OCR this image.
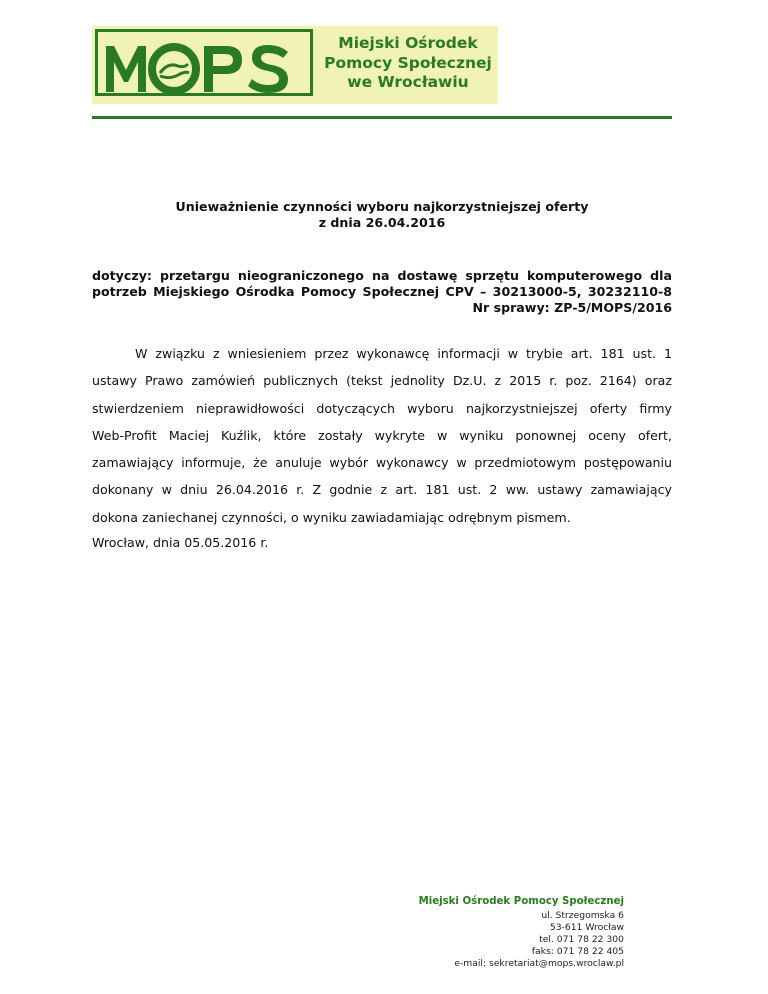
Miejski Ośrodek
Pomocy Społecznej
we Wrocławiu
Unieważnienie czynności wyboru najkorzystniejszej oferty
z dnia 26.04.2016
dotyczy: przetargu nieograniczonego na dostawę sprzętu komputerowego dla
potrzeb Miejskiego Ośrodka Pomocy Społecznej CPV – 30213000-5, 30232110-8
Nr sprawy: ZP-5/MOPS/2016
W związku z wniesieniem przez wykonawcę informacji w trybie art. 181 ust. 1
ustawy Prawo zamówień publicznych (tekst jednolity Dz.U. z 2015 r. poz. 2164) oraz
stwierdzeniem nieprawidłowości dotyczących wyboru najkorzystniejszej oferty firmy
Web-Profit Maciej Kuźlik, które zostały wykryte w wyniku ponownej oceny ofert,
zamawiający informuje, że anuluje wybór wykonawcy w przedmiotowym postępowaniu
dokonany w dniu 26.04.2016 r. Z godnie z art. 181 ust. 2 ww. ustawy zamawiający
dokona zaniechanej czynności, o wyniku zawiadamiając odrębnym pismem.
Wrocław, dnia 05.05.2016 r.
Miejski Ośrodek Pomocy Społecznej
ul. Strzegomska 6
53-611 Wrocław
tel. 071 78 22 300
faks: 071 78 22 405
e-mail: sekretariat@mops.wroclaw.pl
